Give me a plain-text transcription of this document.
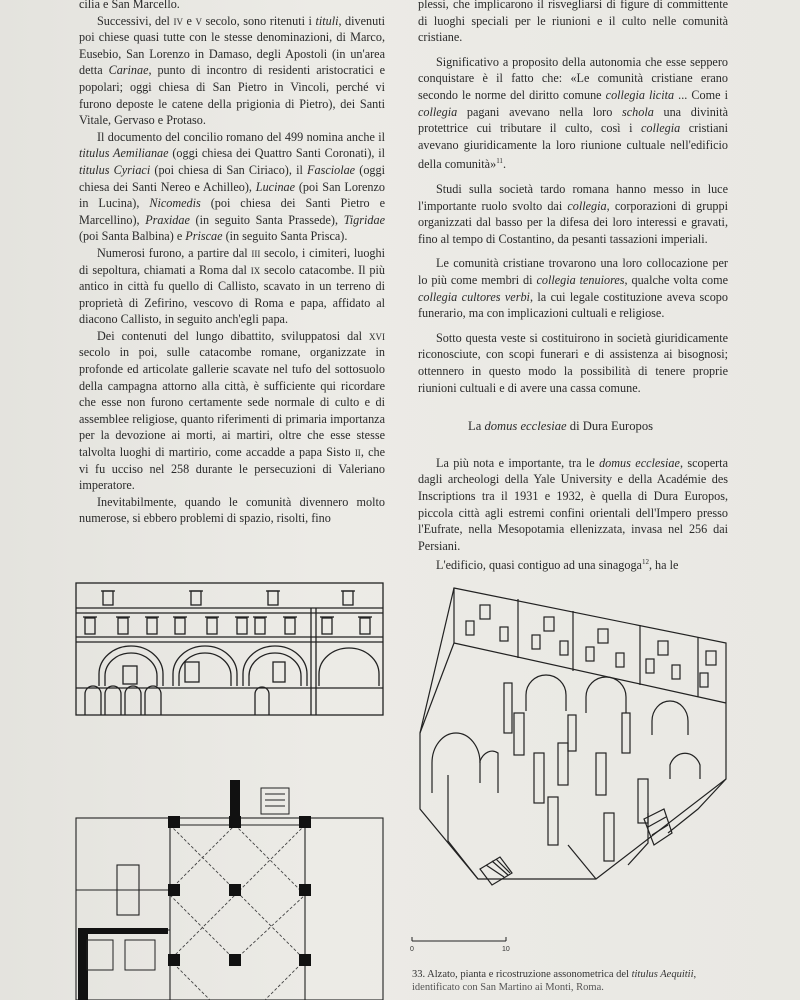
cilia e San Marcello.

Successivi, del iv e v secolo, sono ritenuti i tituli, divenuti poi chiese quasi tutte con le stesse denominazioni, di Marco, Eusebio, San Lorenzo in Damaso, degli Apostoli (in un'area detta Carinae, punto di incontro di residenti aristocratici e popolari; oggi chiesa di San Pietro in Vincoli, perché vi furono deposte le catene della prigionia di Pietro), dei Santi Vitale, Gervaso e Protaso.

Il documento del concilio romano del 499 nomina anche il titulus Aemilianae (oggi chiesa dei Quattro Santi Coronati), il titulus Cyriaci (poi chiesa di San Ciriaco), il Fasciolae (oggi chiesa dei Santi Nereo e Achilleo), Lucinae (poi San Lorenzo in Lucina), Nicomedis (poi chiesa dei Santi Pietro e Marcellino), Praxidae (in seguito Santa Prassede), Tigridae (poi Santa Balbina) e Priscae (in seguito Santa Prisca).

Numerosi furono, a partire dal iii secolo, i cimiteri, luoghi di sepoltura, chiamati a Roma dal ix secolo catacombe. Il più antico in città fu quello di Callisto, scavato in un terreno di proprietà di Zefirino, vescovo di Roma e papa, affidato al diacono Callisto, in seguito anch'egli papa.

Dei contenuti del lungo dibattito, sviluppatosi dal xvi secolo in poi, sulle catacombe romane, organizzate in profonde ed articolate gallerie scavate nel tufo del sottosuolo della campagna attorno alla città, è sufficiente qui ricordare che esse non furono certamente sede normale di culto e di assemblee religiose, quanto riferimenti di primaria importanza per la devozione ai morti, ai martiri, oltre che esse stesse talvolta luoghi di martirio, come accadde a papa Sisto ii, che vi fu ucciso nel 258 durante le persecuzioni di Valeriano imperatore.

Inevitabilmente, quando le comunità divennero molto numerose, si ebbero problemi di spazio, risolti, fino

plessi, che implicarono il risvegliarsi di figure di committente di luoghi speciali per le riunioni e il culto nelle comunità cristiane.

Significativo a proposito della autonomia che esse seppero conquistare è il fatto che: «Le comunità cristiane erano secondo le norme del diritto comune collegia licita ... Come i collegia pagani avevano nella loro schola una divinità protettrice cui tributare il culto, così i collegia cristiani avevano giuridicamente la loro riunione cultuale nell'edificio della comunità»$^{11}$.

Studi sulla società tardo romana hanno messo in luce l'importante ruolo svolto dai collegia, corporazioni di gruppi organizzati dal basso per la difesa dei loro interessi e gravati, fino al tempo di Costantino, da pesanti tassazioni imperiali.

Le comunità cristiane trovarono una loro collocazione per lo più come membri di collegia tenuiores, qualche volta come collegia cultores verbi, la cui legale costituzione aveva scopo funerario, ma con implicazioni cultuali e religiose.

Sotto questa veste si costituirono in società giuridicamente riconosciute, con scopi funerari e di assistenza ai bisognosi; ottennero in questo modo la possibilità di tenere proprie riunioni cultuali e di avere una cassa comune.

La domus ecclesiae di Dura Europos

La più nota e importante, tra le domus ecclesiae, scoperta dagli archeologi della Yale University e della Académie des Inscriptions tra il 1931 e 1932, è quella di Dura Europos, piccola città agli estremi confini orientali dell'Impero presso l'Eufrate, nella Mesopotamia ellenizzata, invasa nel 256 dai Persiani.

L'edificio, quasi contiguo ad una sinagoga$^{12}$, ha le

0	10
33. Alzato, pianta e ricostruzione assonometrica del titulus Aequitii,
identificato con San Martino ai Monti, Roma.
